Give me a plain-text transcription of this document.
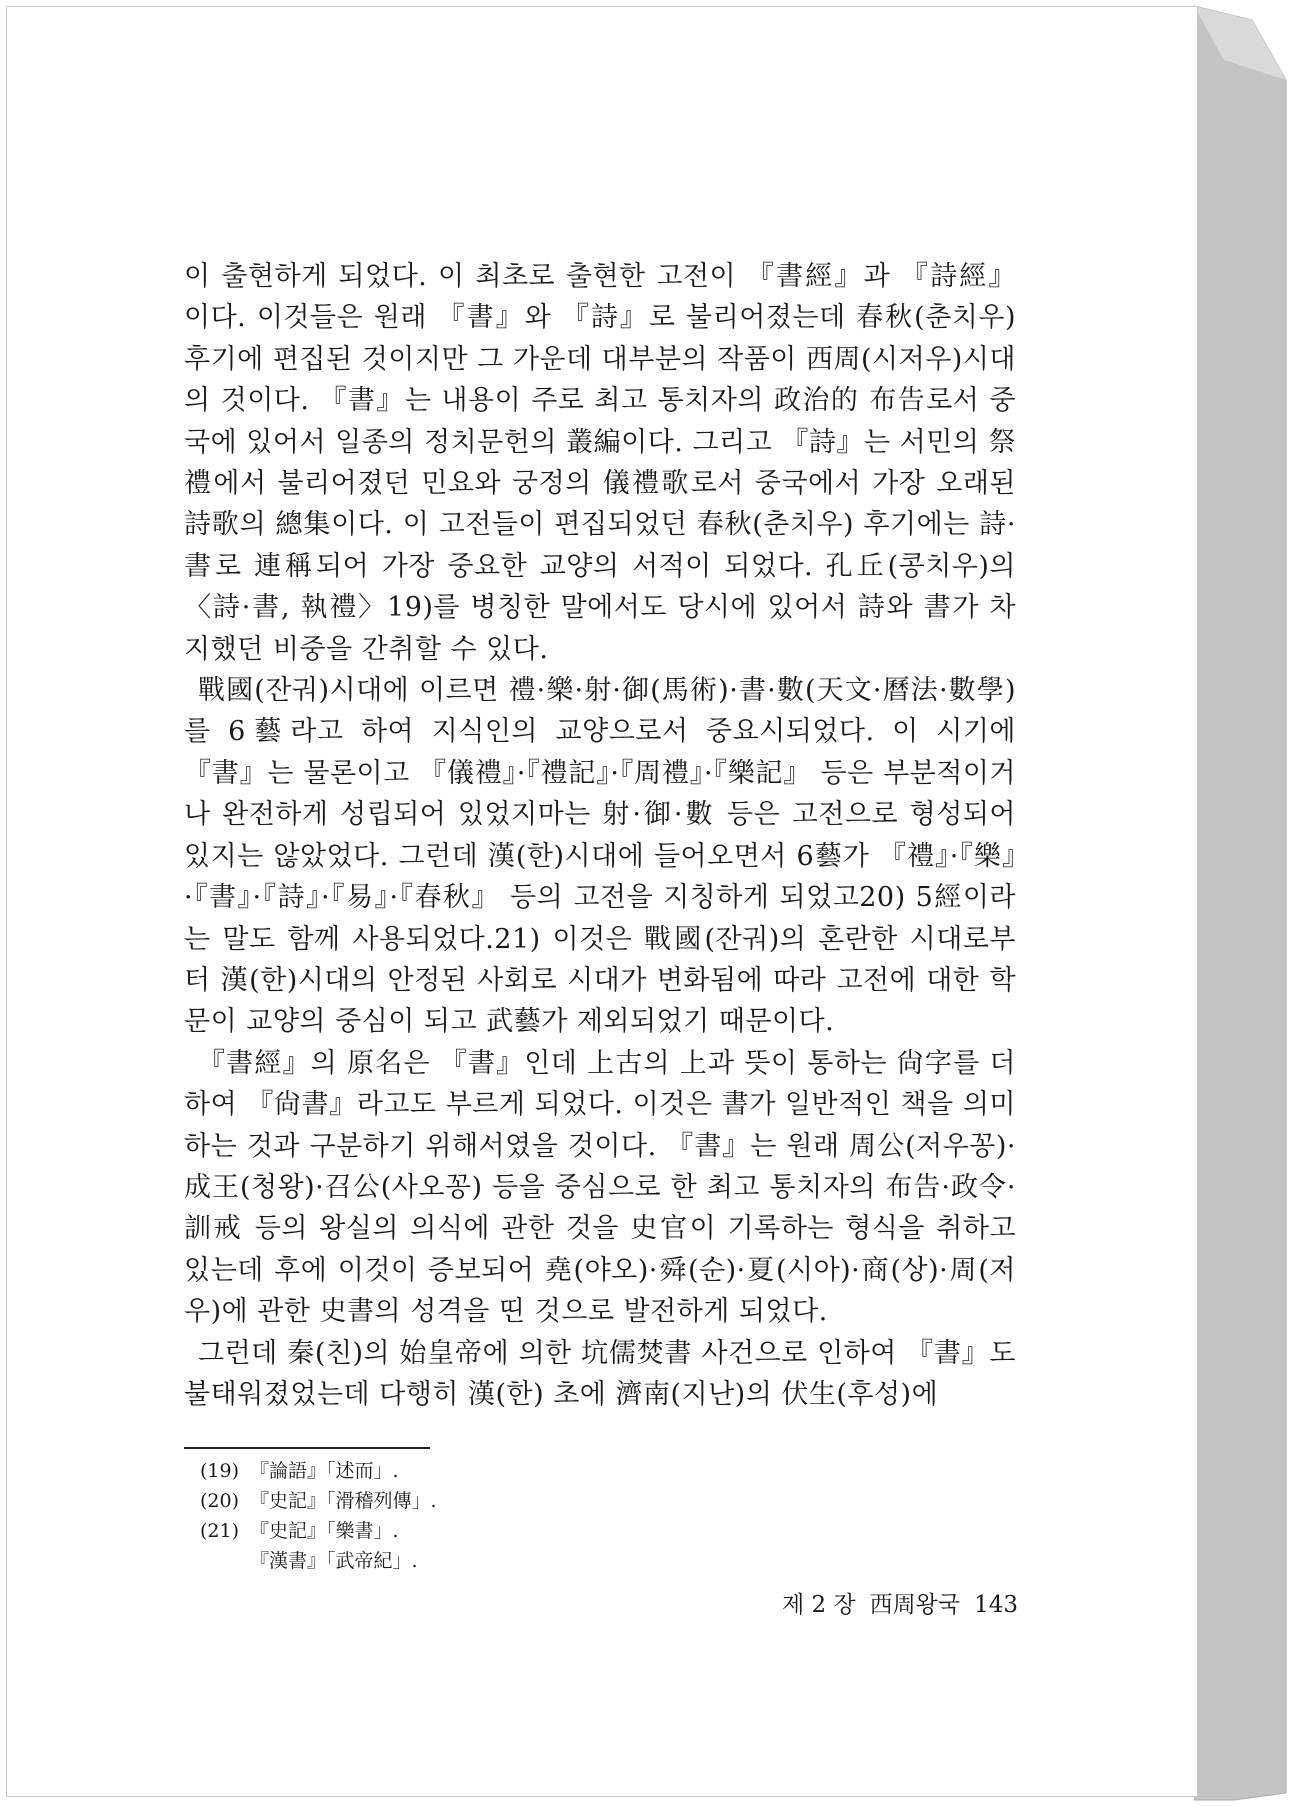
이 출현하게 되었다. 이 최초로 출현한 고전이 『書經』과 『詩經』이다. 이것들은 원래 『書』와 『詩』로 불리어졌는데 春秋(춘치우) 후기에 편집된 것이지만 그 가운데 대부분의 작품이 西周(시저우)시대의 것이다. 『書』는 내용이 주로 최고 통치자의 政治的 布告로서 중국에 있어서 일종의 정치문헌의 叢編이다. 그리고 『詩』는 서민의 祭禮에서 불리어졌던 민요와 궁정의 儀禮歌로서 중국에서 가장 오래된 詩歌의 總集이다. 이 고전들이 편집되었던 春秋(춘치우) 후기에는 詩·書로 連稱되어 가장 중요한 교양의 서적이 되었다. 孔丘(콩치우)의 〈詩·書, 執禮〉19)를 병칭한 말에서도 당시에 있어서 詩와 書가 차지했던 비중을 간취할 수 있다.

戰國(잔궈)시대에 이르면 禮·樂·射·御(馬術)·書·數(天文·曆法·數學)를 6藝라고 하여 지식인의 교양으로서 중요시되었다. 이 시기에 『書』는 물론이고 『儀禮』·『禮記』·『周禮』·『樂記』 등은 부분적이거나 완전하게 성립되어 있었지마는 射·御·數 등은 고전으로 형성되어 있지는 않았었다. 그런데 漢(한)시대에 들어오면서 6藝가 『禮』·『樂』·『書』·『詩』·『易』·『春秋』 등의 고전을 지칭하게 되었고20) 5經이라는 말도 함께 사용되었다.21) 이것은 戰國(잔궈)의 혼란한 시대로부터 漢(한)시대의 안정된 사회로 시대가 변화됨에 따라 고전에 대한 학문이 교양의 중심이 되고 武藝가 제외되었기 때문이다.

『書經』의 原名은 『書』인데 上古의 上과 뜻이 통하는 尙字를 더하여 『尙書』라고도 부르게 되었다. 이것은 書가 일반적인 책을 의미하는 것과 구분하기 위해서였을 것이다. 『書』는 원래 周公(저우꽁)·成王(청왕)·召公(사오꽁) 등을 중심으로 한 최고 통치자의 布告·政令·訓戒 등의 왕실의 의식에 관한 것을 史官이 기록하는 형식을 취하고 있는데 후에 이것이 증보되어 堯(야오)·舜(순)·夏(시아)·商(상)·周(저우)에 관한 史書의 성격을 띤 것으로 발전하게 되었다.

그런데 秦(친)의 始皇帝에 의한 坑儒焚書 사건으로 인하여 『書』도 불태워졌었는데 다행히 漢(한) 초에 濟南(지난)의 伏生(후성)에

(19) 『論語』「述而」.
(20) 『史記』「滑稽列傳」.
(21) 『史記』「樂書」.
『漢書』「武帝紀」.
제 2 장 西周왕국 143
